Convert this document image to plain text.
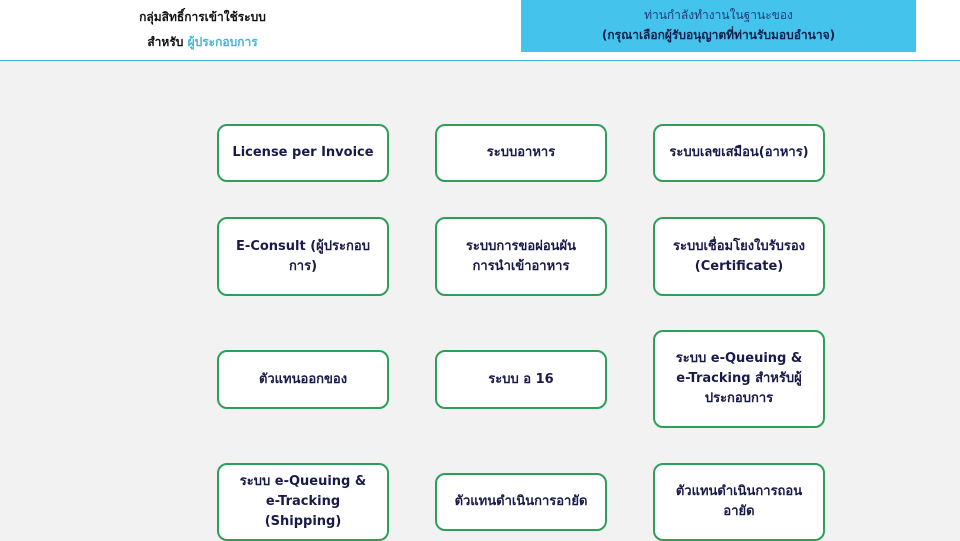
กลุ่มสิทธิ์การเข้าใช้ระบบ
สำหรับ ผู้ประกอบการ
ท่านกำลังทำงานในฐานะของ
(กรุณาเลือกผู้รับอนุญาตที่ท่านรับมอบอำนาจ)
License per Invoice	ระบบอาหาร	ระบบเลขเสมือน(อาหาร)
E-Consult (ผู้ประกอบการ)
ระบบการขอผ่อนผันการนำเข้าอาหาร
ระบบเชื่อมโยงใบรับรอง (Certificate)
ตัวแทนออกของ	ระบบ อ 16
ระบบ e-Queuing & e-Tracking สำหรับผู้ประกอบการ
ระบบ e-Queuing & e-Tracking (Shipping)
ตัวแทนดำเนินการอายัด
ตัวแทนดำเนินการถอนอายัด
